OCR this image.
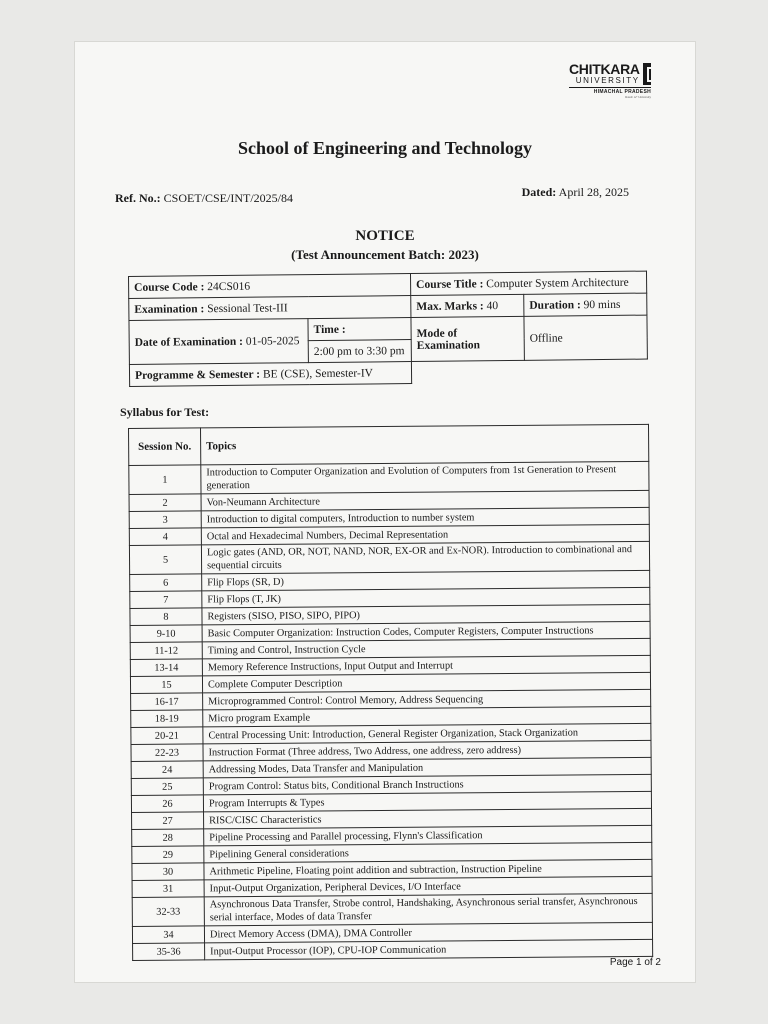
CHITKARA
UNIVERSITY
HIMACHAL PRADESH
Rated: A+ University
School of Engineering and Technology
Ref. No.: CSOET/CSE/INT/2025/84	Dated: April 28, 2025
NOTICE
(Test Announcement Batch: 2023)
Course Code : 24CS016		Course Title : Computer System Architecture	
Examination : Sessional Test-III		Max. Marks : 40	Duration : 90 mins
Date of Examination : 01-05-2025	Time :	Mode of Examination	Offline
	2:00 pm to 3:30 pm		
Programme & Semester : BE (CSE), Semester-IV			
Syllabus for Test:
Session No.	Topics
1	Introduction to Computer Organization and Evolution of Computers from 1st Generation to Present generation
2	Von-Neumann Architecture
3	Introduction to digital computers, Introduction to number system
4	Octal and Hexadecimal Numbers, Decimal Representation
5	Logic gates (AND, OR, NOT, NAND, NOR, EX-OR and Ex-NOR). Introduction to combinational and sequential circuits
6	Flip Flops (SR, D)
7	Flip Flops (T, JK)
8	Registers (SISO, PISO, SIPO, PIPO)
9-10	Basic Computer Organization: Instruction Codes, Computer Registers, Computer Instructions
11-12	Timing and Control, Instruction Cycle
13-14	Memory Reference Instructions, Input Output and Interrupt
15	Complete Computer Description
16-17	Microprogrammed Control: Control Memory, Address Sequencing
18-19	Micro program Example
20-21	Central Processing Unit: Introduction, General Register Organization, Stack Organization
22-23	Instruction Format (Three address, Two Address, one address, zero address)
24	Addressing Modes, Data Transfer and Manipulation
25	Program Control: Status bits, Conditional Branch Instructions
26	Program Interrupts & Types
27	RISC/CISC Characteristics
28	Pipeline Processing and Parallel processing, Flynn's Classification
29	Pipelining General considerations
30	Arithmetic Pipeline, Floating point addition and subtraction, Instruction Pipeline
31	Input-Output Organization, Peripheral Devices, I/O Interface
32-33	Asynchronous Data Transfer, Strobe control, Handshaking, Asynchronous serial transfer, Asynchronous serial interface, Modes of data Transfer
34	Direct Memory Access (DMA), DMA Controller
35-36	Input-Output Processor (IOP), CPU-IOP Communication
Page 1 of 2
